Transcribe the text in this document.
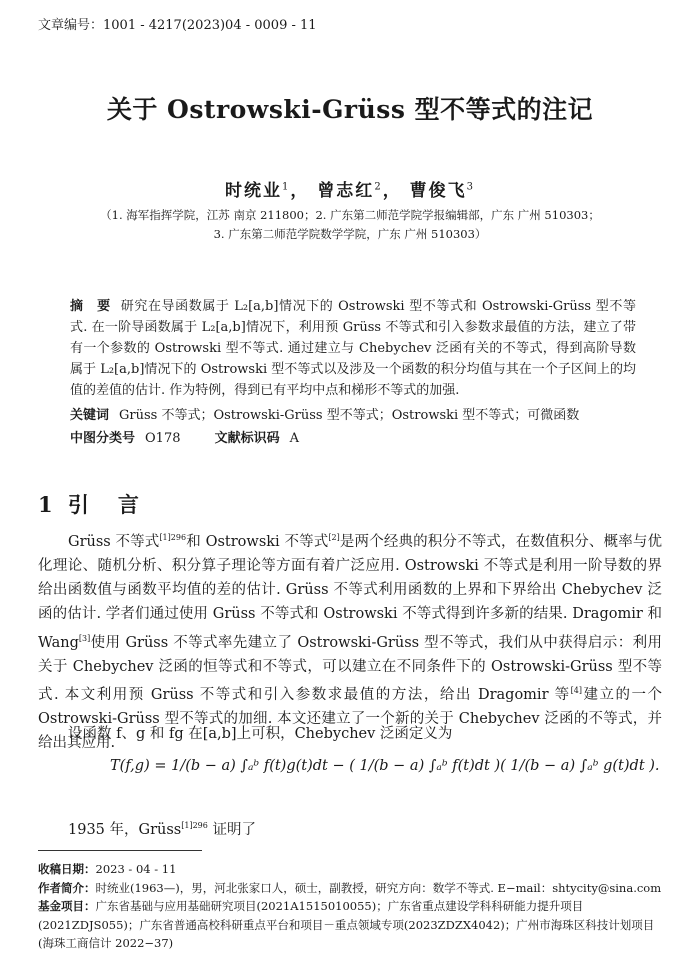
文章编号：1001 - 4217(2023)04 - 0009 - 11
关于 Ostrowski-Grüss 型不等式的注记
时统业$^1$， 曾志红$^2$， 曹俊飞$^3$
（1. 海军指挥学院，江苏 南京 211800；2. 广东第二师范学院学报编辑部，广东 广州 510303；
3. 广东第二师范学院数学学院，广东 广州 510303）
摘　要 研究在导函数属于 L₂[a,b]情况下的 Ostrowski 型不等式和 Ostrowski-Grüss 型不等式. 在一阶导函数属于 L₂[a,b]情况下，利用预 Grüss 不等式和引入参数求最值的方法，建立了带有一个参数的 Ostrowski 型不等式. 通过建立与 Chebychev 泛函有关的不等式，得到高阶导数属于 L₂[a,b]情况下的 Ostrowski 型不等式以及涉及一个函数的积分均值与其在一个子区间上的均值的差值的估计. 作为特例，得到已有平均中点和梯形不等式的加强.
关键词 Grüss 不等式；Ostrowski-Grüss 型不等式；Ostrowski 型不等式；可微函数
中图分类号 O178	文献标识码 A
1 引　言
Grüss 不等式$^{[1]296}$和 Ostrowski 不等式[2]是两个经典的积分不等式，在数值积分、概率与优化理论、随机分析、积分算子理论等方面有着广泛应用. Ostrowski 不等式是利用一阶导数的界给出函数值与函数平均值的差的估计. Grüss 不等式利用函数的上界和下界给出 Chebychev 泛函的估计. 学者们通过使用 Grüss 不等式和 Ostrowski 不等式得到许多新的结果. Dragomir 和 Wang[3]使用 Grüss 不等式率先建立了 Ostrowski-Grüss 型不等式，我们从中获得启示：利用关于 Chebychev 泛函的恒等式和不等式，可以建立在不同条件下的 Ostrowski-Grüss 型不等式. 本文利用预 Grüss 不等式和引入参数求最值的方法，给出 Dragomir 等[4]建立的一个 Ostrowski-Grüss 型不等式的加细. 本文还建立了一个新的关于 Chebychev 泛函的不等式，并给出其应用.
设函数 f、g 和 fg 在[a,b]上可积，Chebychev 泛函定义为
T(f,g) = 1/(b − a) ∫ₐᵇ f(t)g(t)dt − ( 1/(b − a) ∫ₐᵇ f(t)dt )( 1/(b − a) ∫ₐᵇ g(t)dt ).
1935 年，Grüss$^{[1]296}$ 证明了
收稿日期：2023 - 04 - 11
作者简介：时统业(1963—)，男，河北张家口人，硕士，副教授，研究方向：数学不等式. E−mail：shtycity@sina.com
基金项目：广东省基础与应用基础研究项目(2021A1515010055)；广东省重点建设学科科研能力提升项目(2021ZDJS055)；广东省普通高校科研重点平台和项目－重点领域专项(2023ZDZX4042)；广州市海珠区科技计划项目(海珠工商信计 2022−37)
